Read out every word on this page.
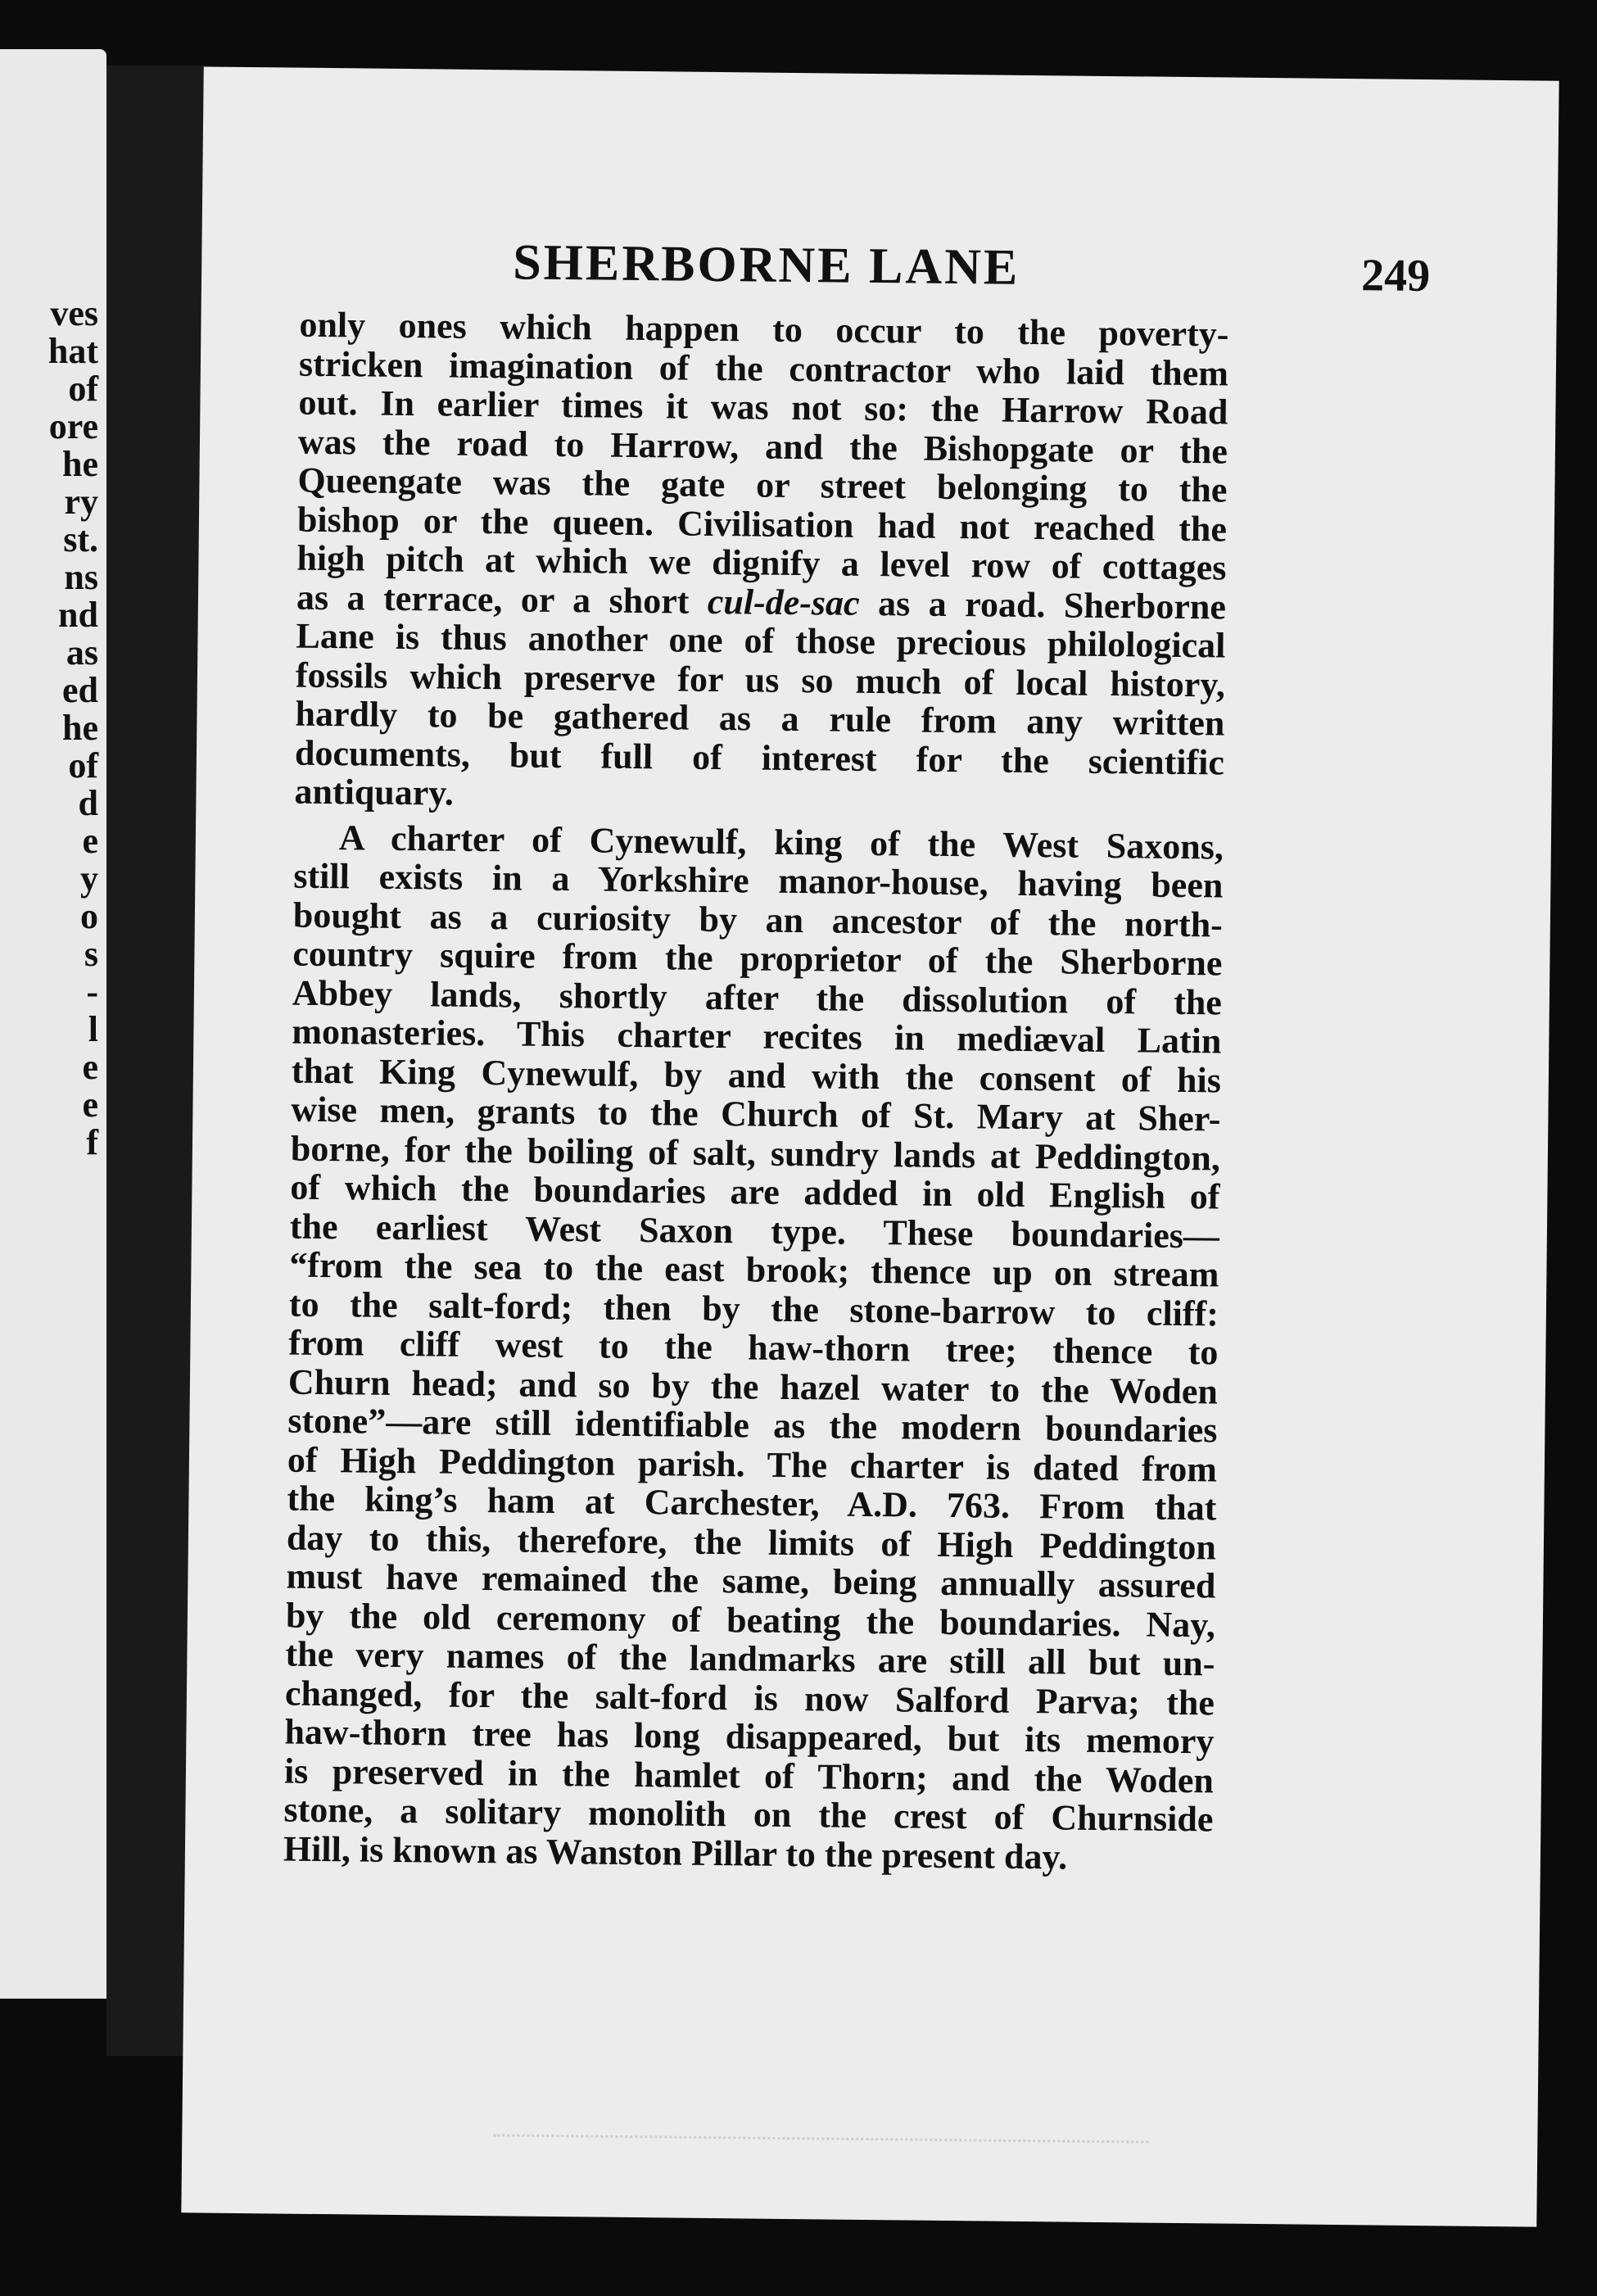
ves
hat
of
ore
he
ry
st.
ns
nd
as
ed
he
of
d
e
y
o
s
-
l
e
e
f
SHERBORNE LANE	249
only ones which happen to occur to the poverty-
stricken imagination of the contractor who laid them
out. In earlier times it was not so: the Harrow Road
was the road to Harrow, and the Bishopgate or the
Queengate was the gate or street belonging to the
bishop or the queen. Civilisation had not reached the
high pitch at which we dignify a level row of cottages
as a terrace, or a short cul-de-sac as a road. Sherborne
Lane is thus another one of those precious philological
fossils which preserve for us so much of local history,
hardly to be gathered as a rule from any written
documents, but full of interest for the scientific
antiquary.
A charter of Cynewulf, king of the West Saxons,
still exists in a Yorkshire manor-house, having been
bought as a curiosity by an ancestor of the north-
country squire from the proprietor of the Sherborne
Abbey lands, shortly after the dissolution of the
monasteries. This charter recites in mediæval Latin
that King Cynewulf, by and with the consent of his
wise men, grants to the Church of St. Mary at Sher-
borne, for the boiling of salt, sundry lands at Peddington,
of which the boundaries are added in old English of
the earliest West Saxon type. These boundaries—
“from the sea to the east brook; thence up on stream
to the salt-ford; then by the stone-barrow to cliff:
from cliff west to the haw-thorn tree; thence to
Churn head; and so by the hazel water to the Woden
stone”—are still identifiable as the modern boundaries
of High Peddington parish. The charter is dated from
the king’s ham at Carchester, A.D. 763. From that
day to this, therefore, the limits of High Peddington
must have remained the same, being annually assured
by the old ceremony of beating the boundaries. Nay,
the very names of the landmarks are still all but un-
changed, for the salt-ford is now Salford Parva; the
haw-thorn tree has long disappeared, but its memory
is preserved in the hamlet of Thorn; and the Woden
stone, a solitary monolith on the crest of Churnside
Hill, is known as Wanston Pillar to the present day.
